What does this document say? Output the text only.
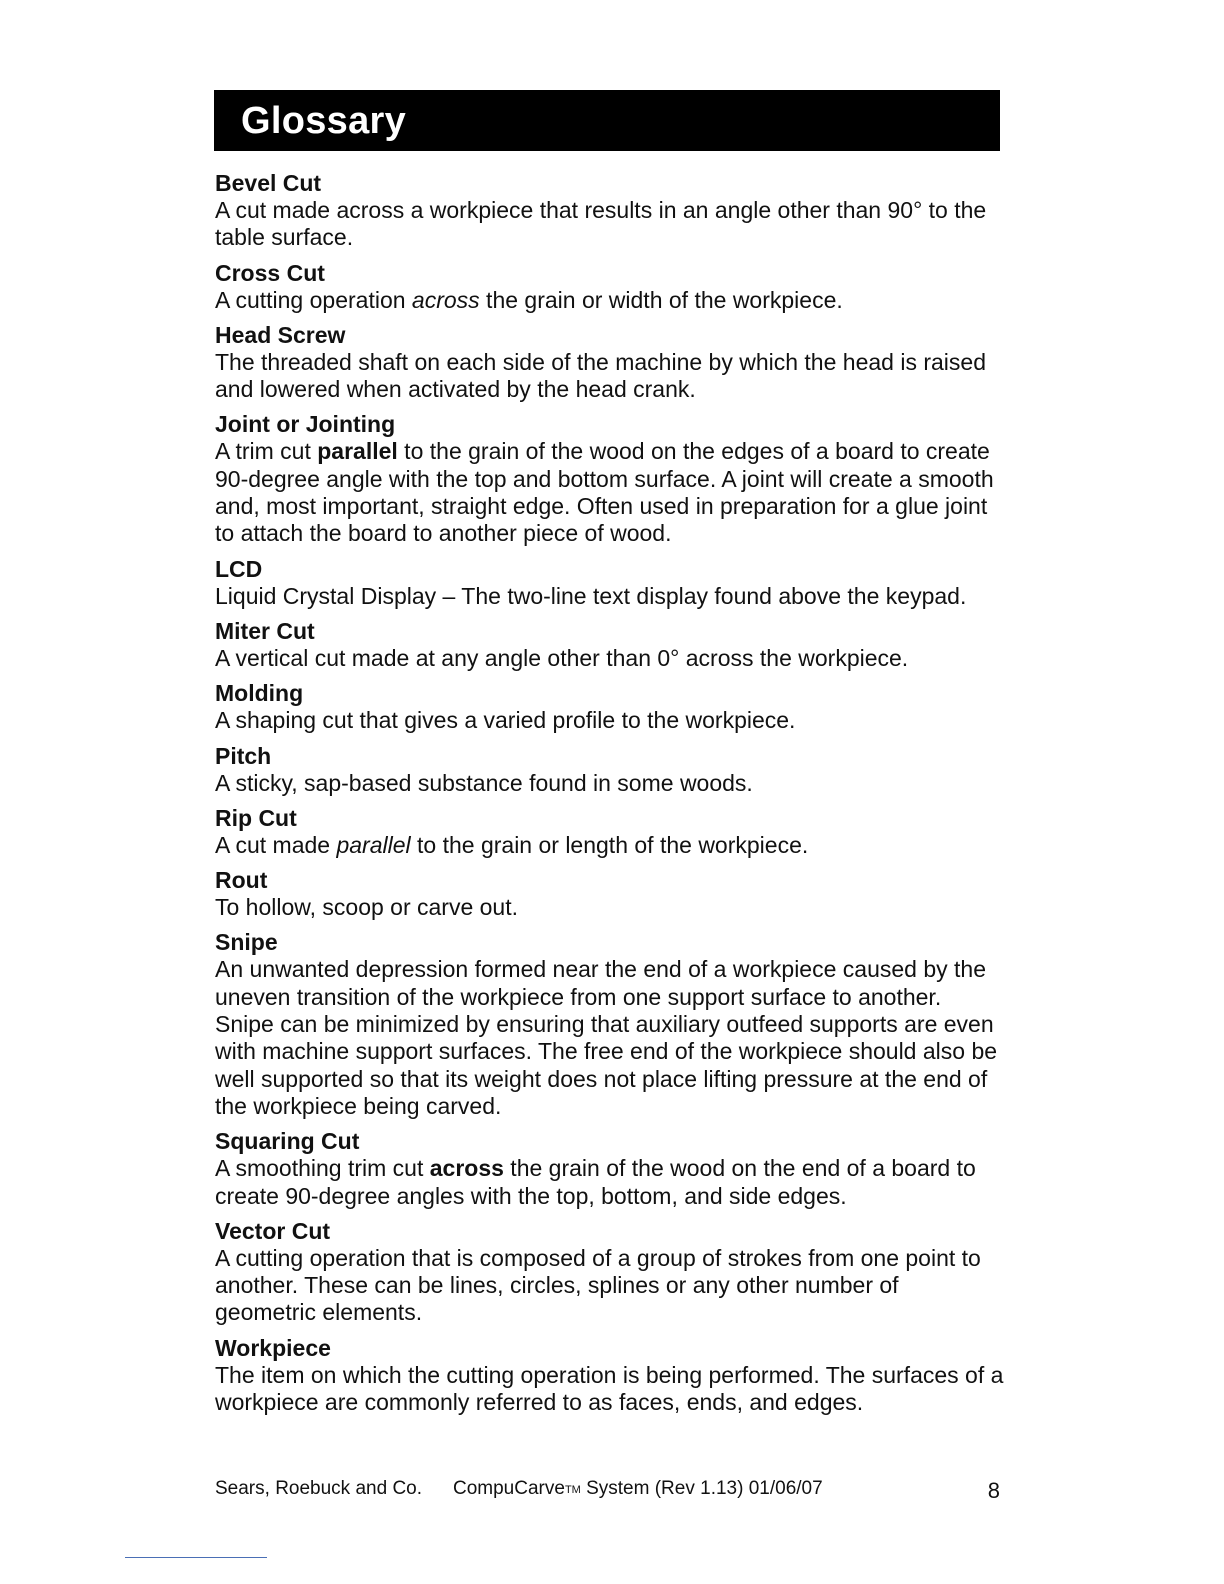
Glossary

Bevel Cut

A cut made across a workpiece that results in an angle other than 90° to the table surface.

Cross Cut

A cutting operation across the grain or width of the workpiece.

Head Screw

The threaded shaft on each side of the machine by which the head is raised and lowered when activated by the head crank.

Joint or Jointing

A trim cut parallel to the grain of the wood on the edges of a board to create 90-degree angle with the top and bottom surface. A joint will create a smooth and, most important, straight edge. Often used in preparation for a glue joint to attach the board to another piece of wood.

LCD

Liquid Crystal Display – The two-line text display found above the keypad.

Miter Cut

A vertical cut made at any angle other than 0° across the workpiece.

Molding

A shaping cut that gives a varied profile to the workpiece.

Pitch

A sticky, sap-based substance found in some woods.

Rip Cut

A cut made parallel to the grain or length of the workpiece.

Rout

To hollow, scoop or carve out.

Snipe

An unwanted depression formed near the end of a workpiece caused by the uneven transition of the workpiece from one support surface to another. Snipe can be minimized by ensuring that auxiliary outfeed supports are even with machine support surfaces. The free end of the workpiece should also be well supported so that its weight does not place lifting pressure at the end of the workpiece being carved.

Squaring Cut

A smoothing trim cut across the grain of the wood on the end of a board to create 90-degree angles with the top, bottom, and side edges.

Vector Cut

A cutting operation that is composed of a group of strokes from one point to another. These can be lines, circles, splines or any other number of geometric elements.

Workpiece

The item on which the cutting operation is being performed. The surfaces of a workpiece are commonly referred to as faces, ends, and edges.

Sears, Roebuck and Co. CompuCarve™ System (Rev 1.13) 01/06/07	8
